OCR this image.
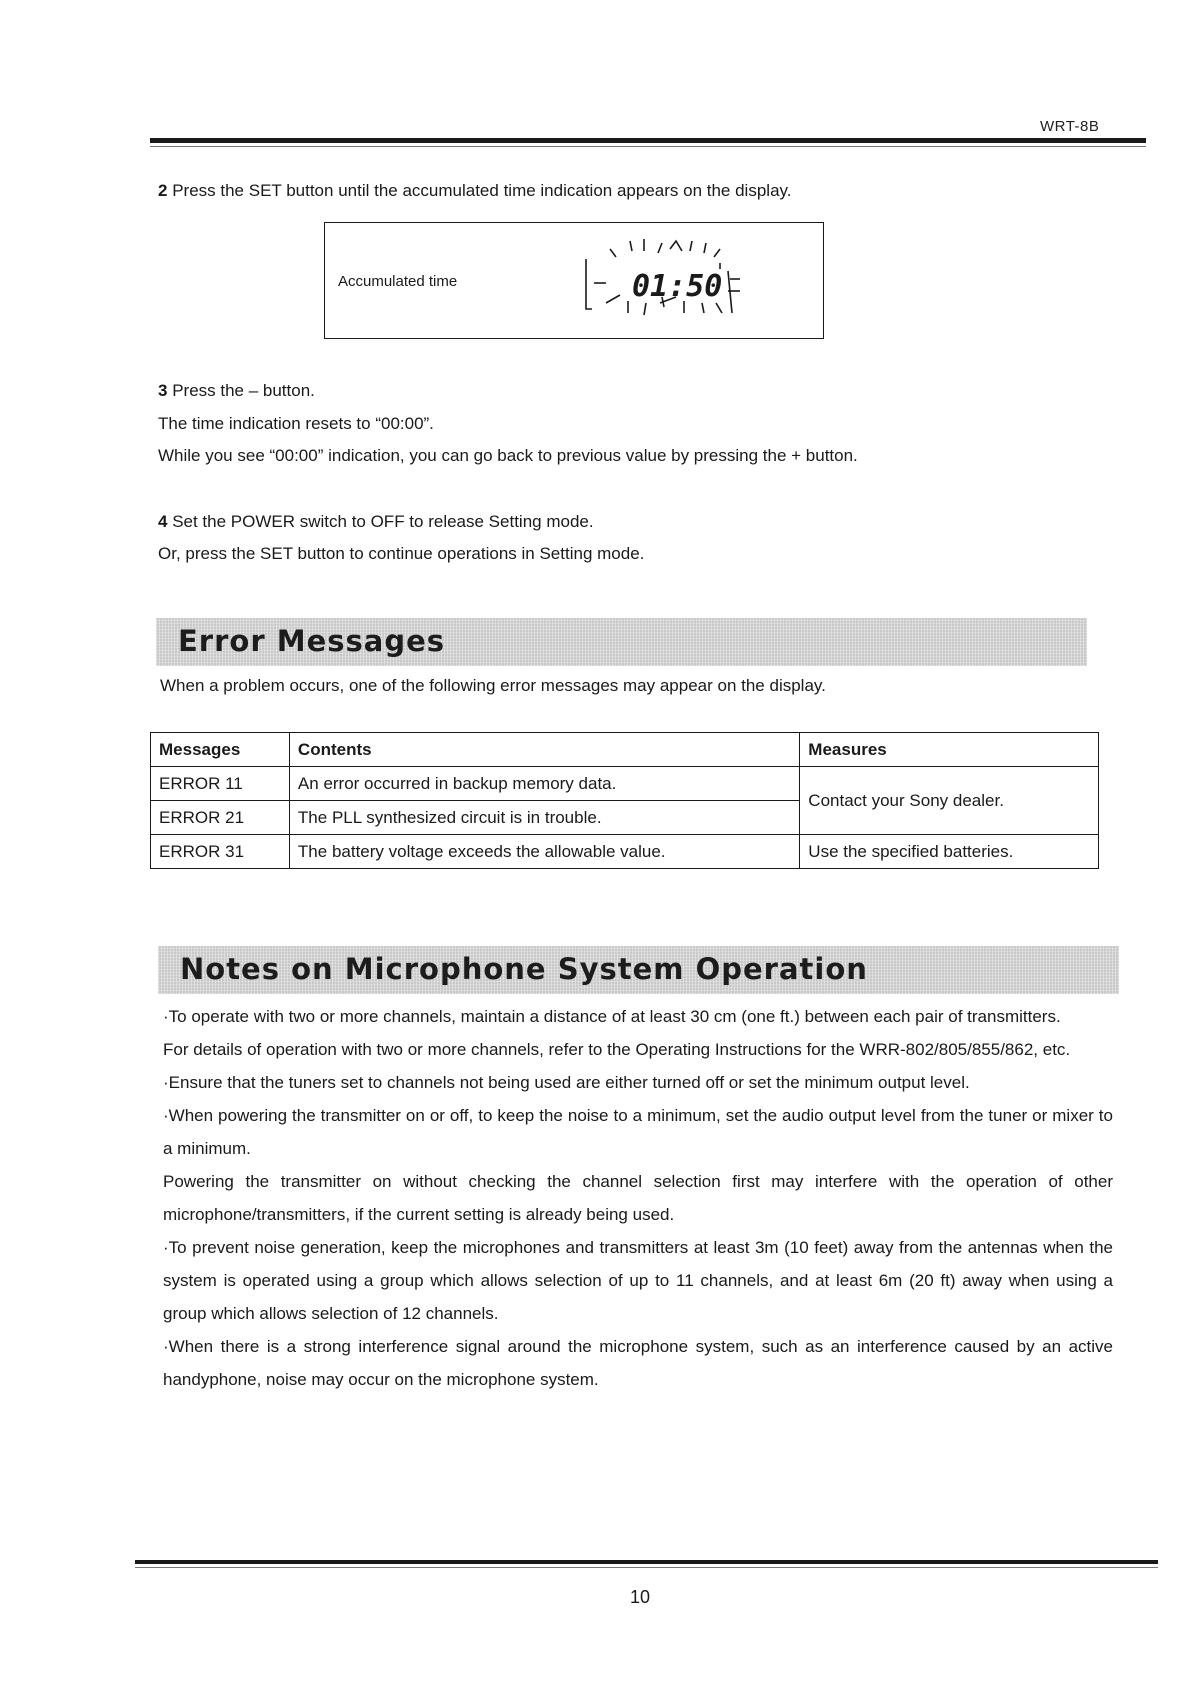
WRT-8B
2 Press the SET button until the accumulated time indication appears on the display.
Accumulated time	01:50
3 Press the – button.
The time indication resets to “00:00”.
While you see “00:00” indication, you can go back to previous value by pressing the + button.
4 Set the POWER switch to OFF to release Setting mode.
Or, press the SET button to continue operations in Setting mode.
Error Messages
When a problem occurs, one of the following error messages may appear on the display.
Messages	Contents	Measures
ERROR 11	An error occurred in backup memory data.	Contact your Sony dealer.
ERROR 21	The PLL synthesized circuit is in trouble.	
ERROR 31	The battery voltage exceeds the allowable value.	Use the specified batteries.
Notes on Microphone System Operation

·To operate with two or more channels, maintain a distance of at least 30 cm (one ft.) between each pair of transmitters.

For details of operation with two or more channels, refer to the Operating Instructions for the WRR-802/805/855/862, etc.

·Ensure that the tuners set to channels not being used are either turned off or set the minimum output level.

·When powering the transmitter on or off, to keep the noise to a minimum, set the audio output level from the tuner or mixer to a minimum.

Powering the transmitter on without checking the channel selection first may interfere with the operation of other microphone/transmitters, if the current setting is already being used.

·To prevent noise generation, keep the microphones and transmitters at least 3m (10 feet) away from the antennas when the system is operated using a group which allows selection of up to 11 channels, and at least 6m (20 ft) away when using a group which allows selection of 12 channels.

·When there is a strong interference signal around the microphone system, such as an interference caused by an active handyphone, noise may occur on the microphone system.

10
